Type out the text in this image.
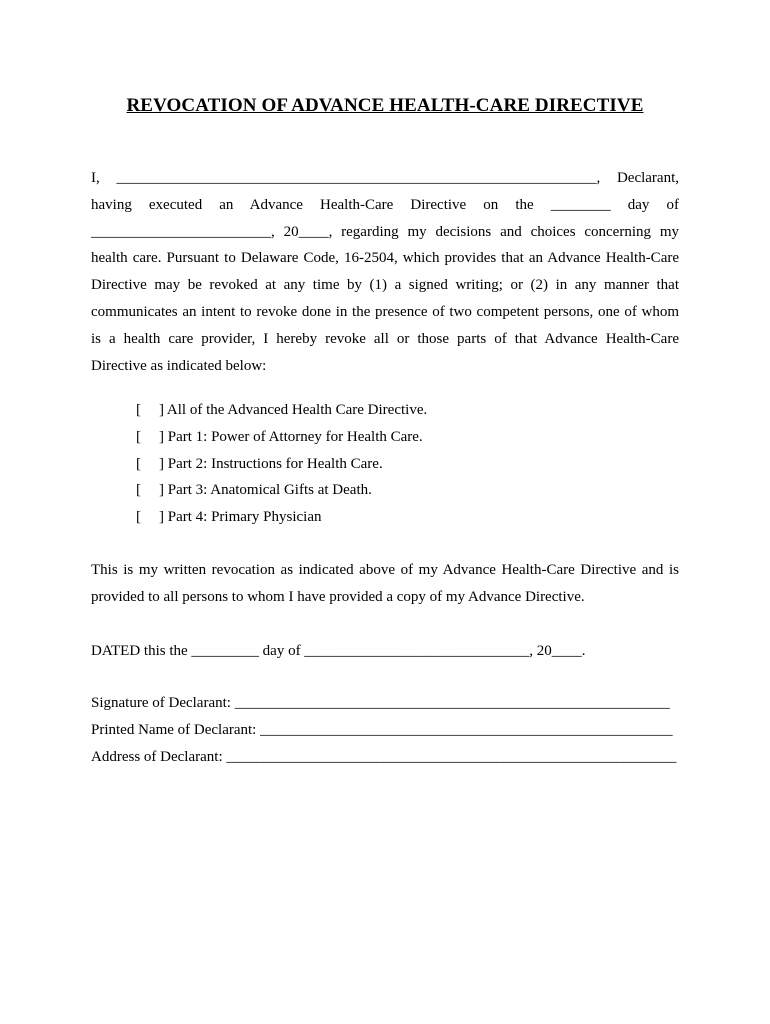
REVOCATION OF ADVANCE HEALTH-CARE DIRECTIVE
I, ________________________________________________________________, Declarant,
having executed an Advance Health-Care Directive on the ________ day of
________________________, 20____, regarding my decisions and choices concerning my
health care. Pursuant to Delaware Code, 16-2504, which provides that an Advance Health-Care
Directive may be revoked at any time by (1) a signed writing; or (2) in any manner that
communicates an intent to revoke done in the presence of two competent persons, one of whom
is a health care provider, I hereby revoke all or those parts of that Advance Health-Care
Directive as indicated below:
[ ] All of the Advanced Health Care Directive.
[ ] Part 1: Power of Attorney for Health Care.
[ ] Part 2: Instructions for Health Care.
[ ] Part 3: Anatomical Gifts at Death.
[ ] Part 4: Primary Physician
This is my written revocation as indicated above of my Advance Health-Care Directive and is
provided to all persons to whom I have provided a copy of my Advance Directive.
DATED this the _________ day of ______________________________, 20____.
Signature of Declarant: __________________________________________________________
Printed Name of Declarant: _______________________________________________________
Address of Declarant: ____________________________________________________________
